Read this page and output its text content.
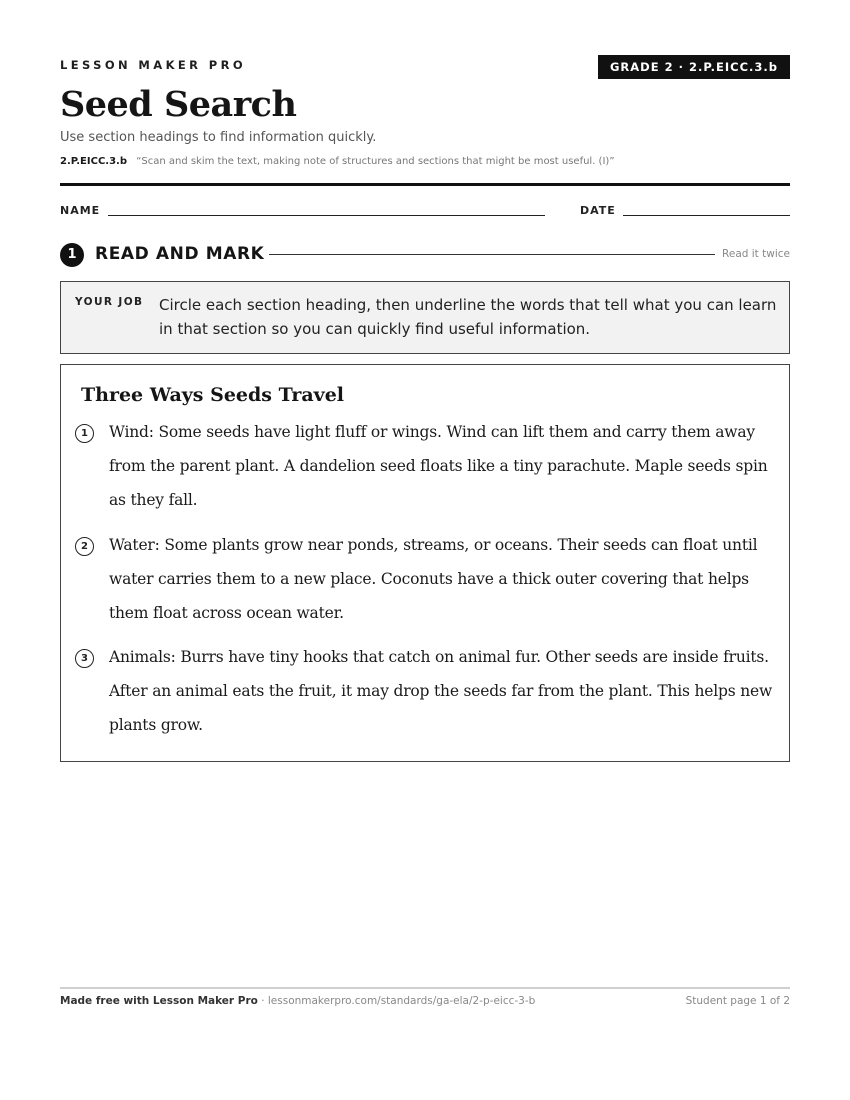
LESSON MAKER PRO	GRADE 2 · 2.P.EICC.3.b
Seed Search
Use section headings to find information quickly.
2.P.EICC.3.b “Scan and skim the text, making note of structures and sections that might be most useful. (I)”
NAME	DATE
1	READ AND MARK	Read it twice
YOUR JOB Circle each section heading, then underline the words that tell what you can learn in that section so you can quickly find useful information.
Three Ways Seeds Travel
1	Wind: Some seeds have light fluff or wings. Wind can lift them and carry them away from the parent plant. A dandelion seed floats like a tiny parachute. Maple seeds spin as they fall.
2	Water: Some plants grow near ponds, streams, or oceans. Their seeds can float until water carries them to a new place. Coconuts have a thick outer covering that helps them float across ocean water.
3	Animals: Burrs have tiny hooks that catch on animal fur. Other seeds are inside fruits. After an animal eats the fruit, it may drop the seeds far from the plant. This helps new plants grow.
Made free with Lesson Maker Pro · lessonmakerpro.com/standards/ga-ela/2-p-eicc-3-b	Student page 1 of 2
